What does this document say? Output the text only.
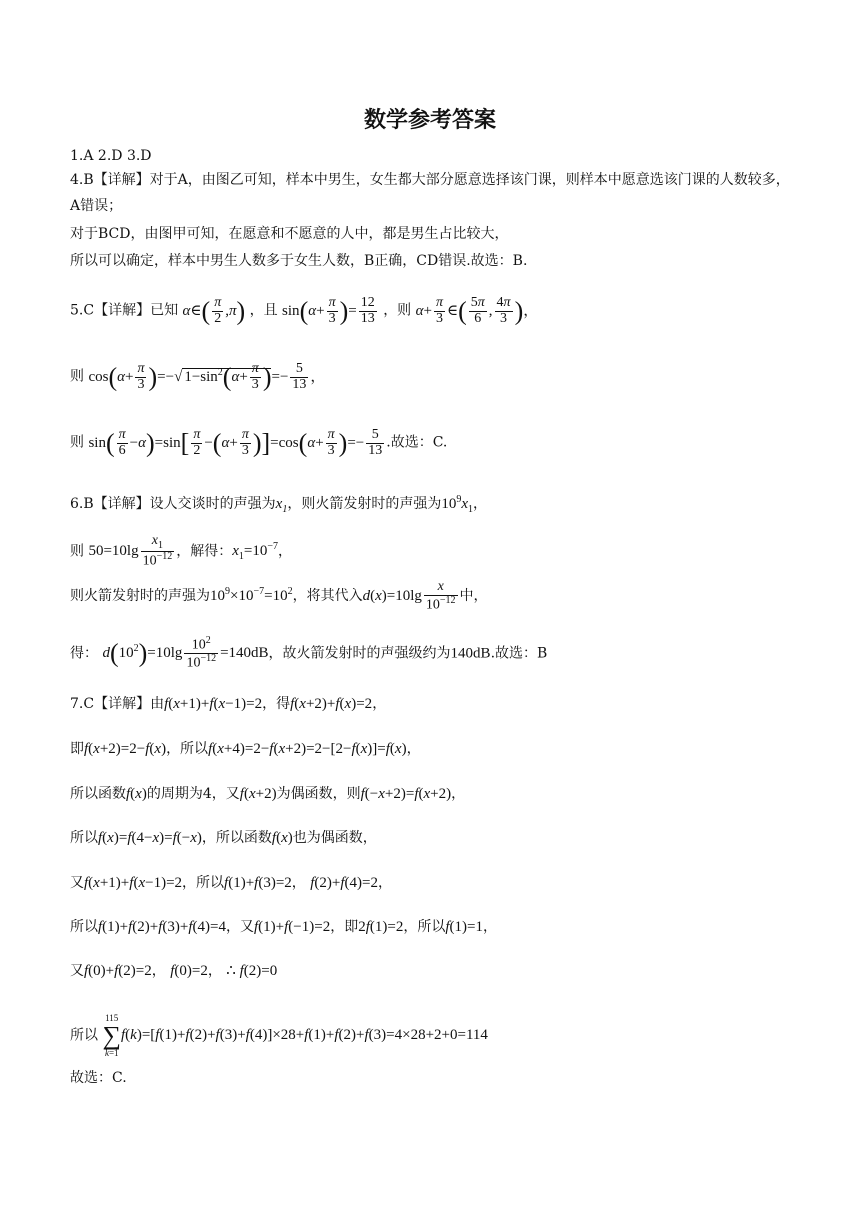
数学参考答案
1.A 2.D 3.D
4.B【详解】对于A，由图乙可知，样本中男生，女生都大部分愿意选择该门课，则样本中愿意选该门课的人数较多，A错误；
对于BCD，由图甲可知，在愿意和不愿意的人中，都是男生占比较大，
所以可以确定，样本中男生人数多于女生人数，B正确，CD错误.故选：B.
5.C【详解】已知 α∈( $\frac{\pi}{2} ,\pi$) ，且 $\sin(\alpha+ \frac{\pi}{3}$ )= $\frac{12}{13}$ ，则 $\alpha+ \frac{\pi}{3}$ ∈( $\frac{5\pi}{6}$ , $\frac{4\pi}{3}$ )，
则 $\cos(\alpha+ \frac{\pi}{3}$ )=−√ $1-\sin^2(\alpha+ \frac{\pi}{3}$ )=− $\frac{5}{13}$ ，
则 $\sin( \frac{\pi}{6} -\alpha)=\sin[ \frac{\pi}{2} -(\alpha+ \frac{\pi}{3} )]=\cos(\alpha+ \frac{\pi}{3}$ )=− $\frac{5}{13}$ .故选：C.
6.B【详解】设人交谈时的声强为$x_1$，则火箭发射时的声强为$10^9x_1$，
则 $50=10\lg \frac{x_1}{10^{-12}}$ ，解得：$x_1=10^{-7}$，
则火箭发射时的声强为$10^9\times 10^{-7}=10^2$，将其代入$d(x)=10\lg \frac{x}{10^{-12}}$ 中，
得： $d(10^2)=10\lg \frac{10^2}{10^{-12}} =140dB$，故火箭发射时的声强级约为140dB.故选：B
7.C【详解】由f(x+1)+f(x−1)=2，得f(x+2)+f(x)=2，
即f(x+2)=2−f(x)，所以f(x+4)=2−f(x+2)=2−[2−f(x)]=f(x)，
所以函数f(x)的周期为4，又f(x+2)为偶函数，则f(−x+2)=f(x+2)，
所以f(x)=f(4−x)=f(−x)，所以函数f(x)也为偶函数，
又f(x+1)+f(x−1)=2，所以f(1)+f(3)=2， f(2)+f(4)=2，
所以f(1)+f(2)+f(3)+f(4)=4，又f(1)+f(−1)=2，即2f(1)=2，所以f(1)=1，
又f(0)+f(2)=2， f(0)=2， ∴ f(2)=0
所以
115
∑
k=1
f(k)=[f(1)+f(2)+f(3)+f(4)]×28+f(1)+f(2)+f(3)=4×28+2+0=114
故选：C.
